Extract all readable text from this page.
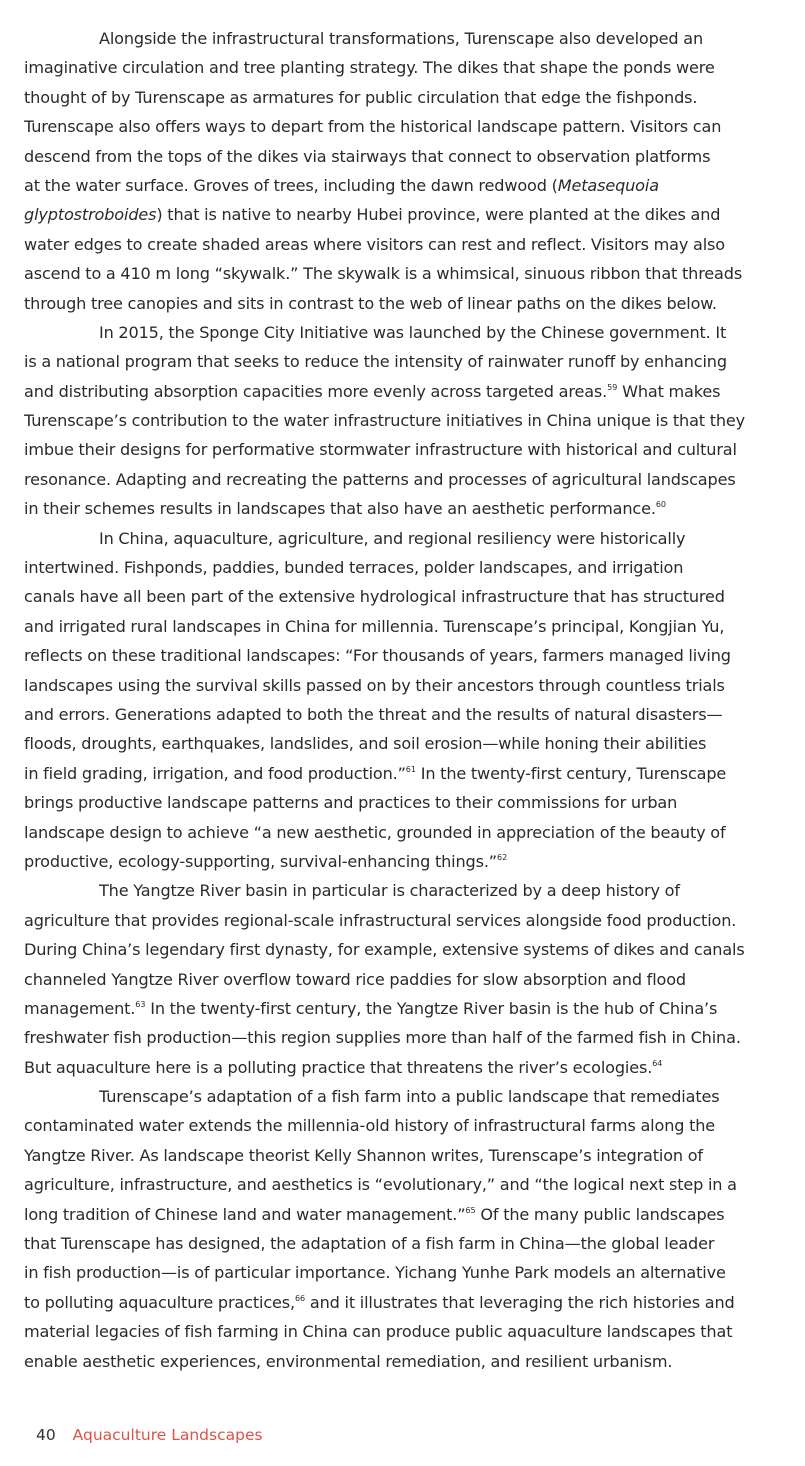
Alongside the infrastructural transformations, Turenscape also developed an
imaginative circulation and tree planting strategy. The dikes that shape the ponds were
thought of by Turenscape as armatures for public circulation that edge the fishponds.
Turenscape also offers ways to depart from the historical landscape pattern. Visitors can
descend from the tops of the dikes via stairways that connect to observation platforms
at the water surface. Groves of trees, including the dawn redwood (Metasequoia
glyptostroboides) that is native to nearby Hubei province, were planted at the dikes and
water edges to create shaded areas where visitors can rest and reflect. Visitors may also
ascend to a 410 m long “skywalk.” The skywalk is a whimsical, sinuous ribbon that threads
through tree canopies and sits in contrast to the web of linear paths on the dikes below.
In 2015, the Sponge City Initiative was launched by the Chinese government. It
is a national program that seeks to reduce the intensity of rainwater runoff by enhancing
and distributing absorption capacities more evenly across targeted areas.$^{59}$ What makes
Turenscape’s contribution to the water infrastructure initiatives in China unique is that they
imbue their designs for performative stormwater infrastructure with historical and cultural
resonance. Adapting and recreating the patterns and processes of agricultural landscapes
in their schemes results in landscapes that also have an aesthetic performance.$^{60}$
In China, aquaculture, agriculture, and regional resiliency were historically
intertwined. Fishponds, paddies, bunded terraces, polder landscapes, and irrigation
canals have all been part of the extensive hydrological infrastructure that has structured
and irrigated rural landscapes in China for millennia. Turenscape’s principal, Kongjian Yu,
reflects on these traditional landscapes: “For thousands of years, farmers managed living
landscapes using the survival skills passed on by their ancestors through countless trials
and errors. Generations adapted to both the threat and the results of natural disasters—
floods, droughts, earthquakes, landslides, and soil erosion—while honing their abilities
in field grading, irrigation, and food production.”$^{61}$ In the twenty-first century, Turenscape
brings productive landscape patterns and practices to their commissions for urban
landscape design to achieve “a new aesthetic, grounded in appreciation of the beauty of
productive, ecology-supporting, survival-enhancing things.”$^{62}$
The Yangtze River basin in particular is characterized by a deep history of
agriculture that provides regional-scale infrastructural services alongside food production.
During China’s legendary first dynasty, for example, extensive systems of dikes and canals
channeled Yangtze River overflow toward rice paddies for slow absorption and flood
management.$^{63}$ In the twenty-first century, the Yangtze River basin is the hub of China’s
freshwater fish production—this region supplies more than half of the farmed fish in China.
But aquaculture here is a polluting practice that threatens the river’s ecologies.$^{64}$
Turenscape’s adaptation of a fish farm into a public landscape that remediates
contaminated water extends the millennia-old history of infrastructural farms along the
Yangtze River. As landscape theorist Kelly Shannon writes, Turenscape’s integration of
agriculture, infrastructure, and aesthetics is “evolutionary,” and “the logical next step in a
long tradition of Chinese land and water management.”$^{65}$ Of the many public landscapes
that Turenscape has designed, the adaptation of a fish farm in China—the global leader
in fish production—is of particular importance. Yichang Yunhe Park models an alternative
to polluting aquaculture practices,$^{66}$ and it illustrates that leveraging the rich histories and
material legacies of fish farming in China can produce public aquaculture landscapes that
enable aesthetic experiences, environmental remediation, and resilient urbanism.
40 Aquaculture Landscapes
